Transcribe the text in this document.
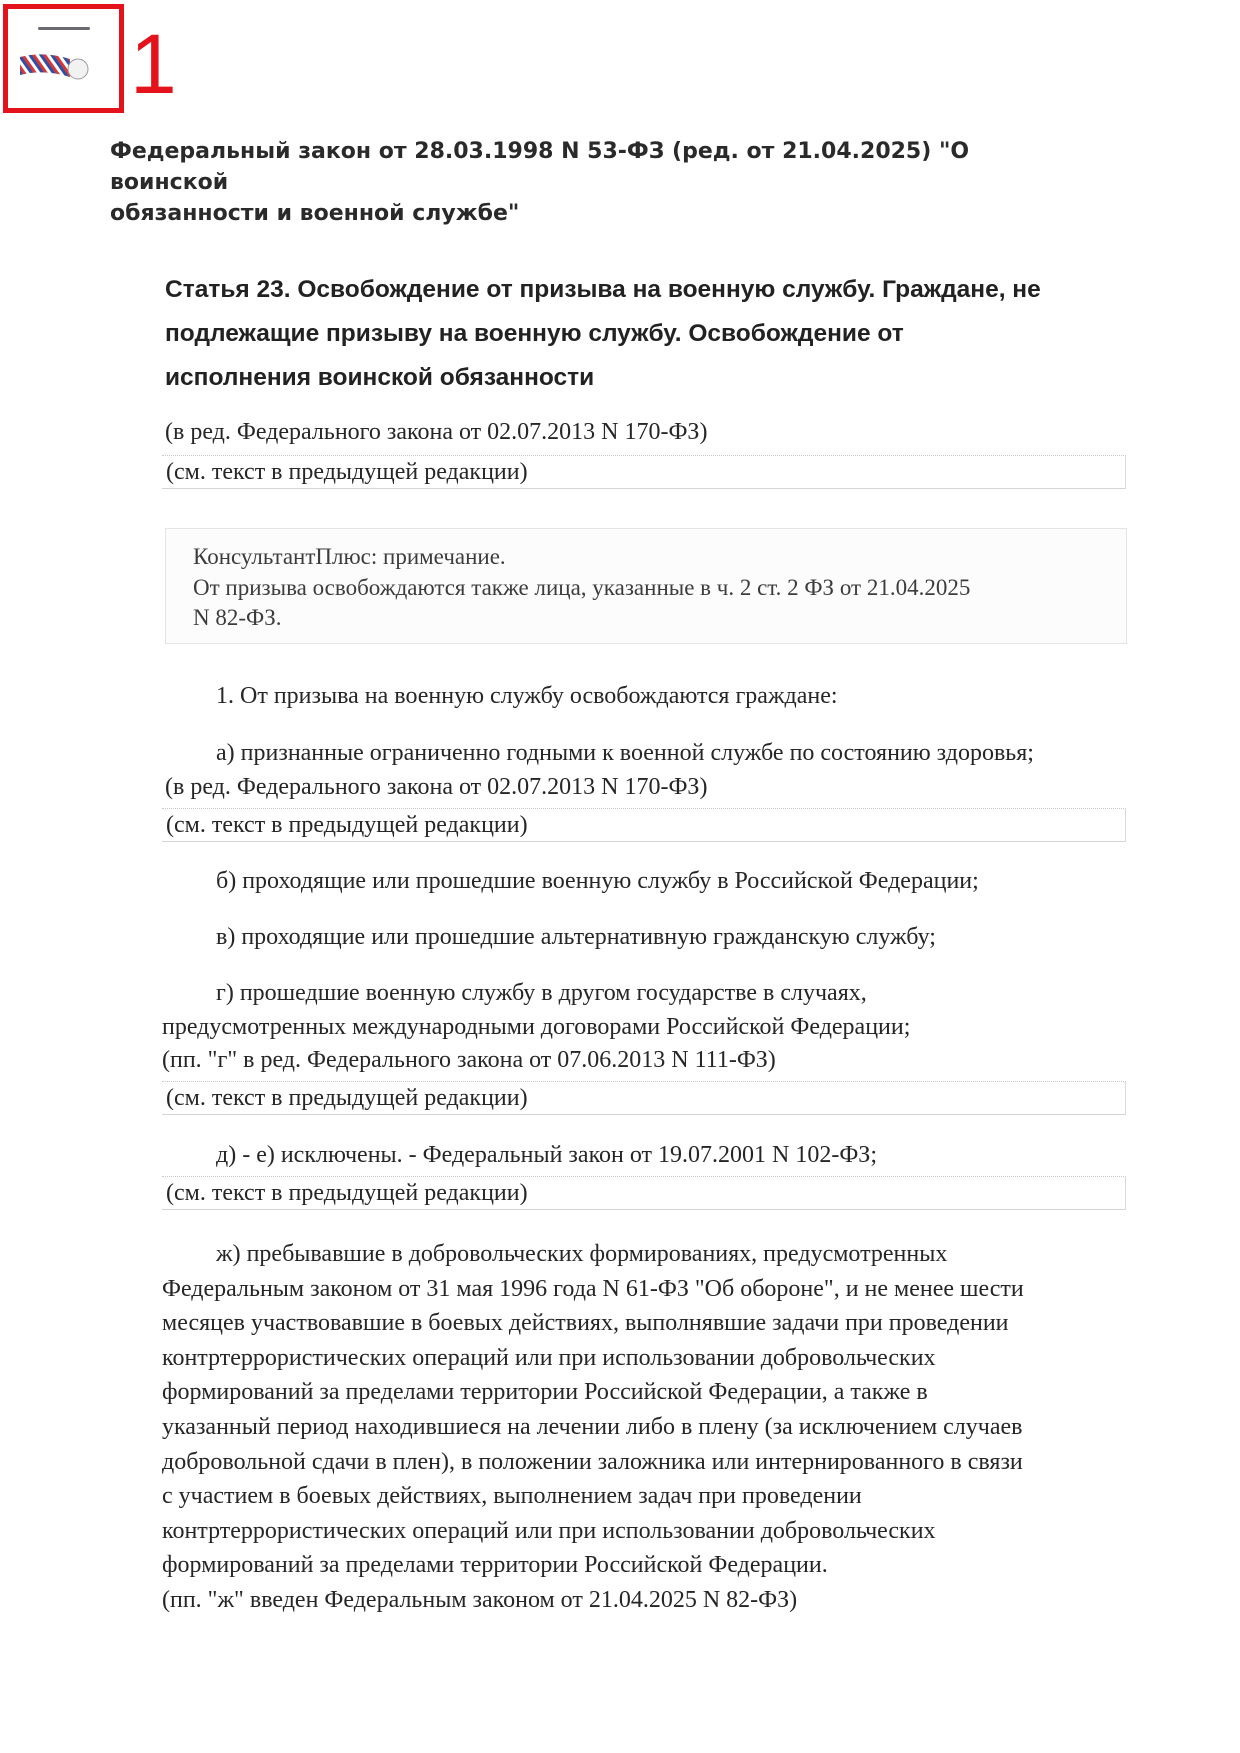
1
Федеральный закон от 28.03.1998 N 53-ФЗ (ред. от 21.04.2025) "О воинской
обязанности и военной службе"
Статья 23. Освобождение от призыва на военную службу. Граждане, не
подлежащие призыву на военную службу. Освобождение от
исполнения воинской обязанности
(в ред. Федерального закона от 02.07.2013 N 170-ФЗ)
(см. текст в предыдущей редакции)
КонсультантПлюс: примечание.
От призыва освобождаются также лица, указанные в ч. 2 ст. 2 ФЗ от 21.04.2025
N 82-ФЗ.
1. От призыва на военную службу освобождаются граждане:
а) признанные ограниченно годными к военной службе по состоянию здоровья;
(в ред. Федерального закона от 02.07.2013 N 170-ФЗ)
(см. текст в предыдущей редакции)
б) проходящие или прошедшие военную службу в Российской Федерации;
в) проходящие или прошедшие альтернативную гражданскую службу;
г) прошедшие военную службу в другом государстве в случаях,
предусмотренных международными договорами Российской Федерации;
(пп. "г" в ред. Федерального закона от 07.06.2013 N 111-ФЗ)
(см. текст в предыдущей редакции)
д) - е) исключены. - Федеральный закон от 19.07.2001 N 102-ФЗ;
(см. текст в предыдущей редакции)
ж) пребывавшие в добровольческих формированиях, предусмотренных
Федеральным законом от 31 мая 1996 года N 61-ФЗ "Об обороне", и не менее шести
месяцев участвовавшие в боевых действиях, выполнявшие задачи при проведении
контртеррористических операций или при использовании добровольческих
формирований за пределами территории Российской Федерации, а также в
указанный период находившиеся на лечении либо в плену (за исключением случаев
добровольной сдачи в плен), в положении заложника или интернированного в связи
с участием в боевых действиях, выполнением задач при проведении
контртеррористических операций или при использовании добровольческих
формирований за пределами территории Российской Федерации.
(пп. "ж" введен Федеральным законом от 21.04.2025 N 82-ФЗ)
